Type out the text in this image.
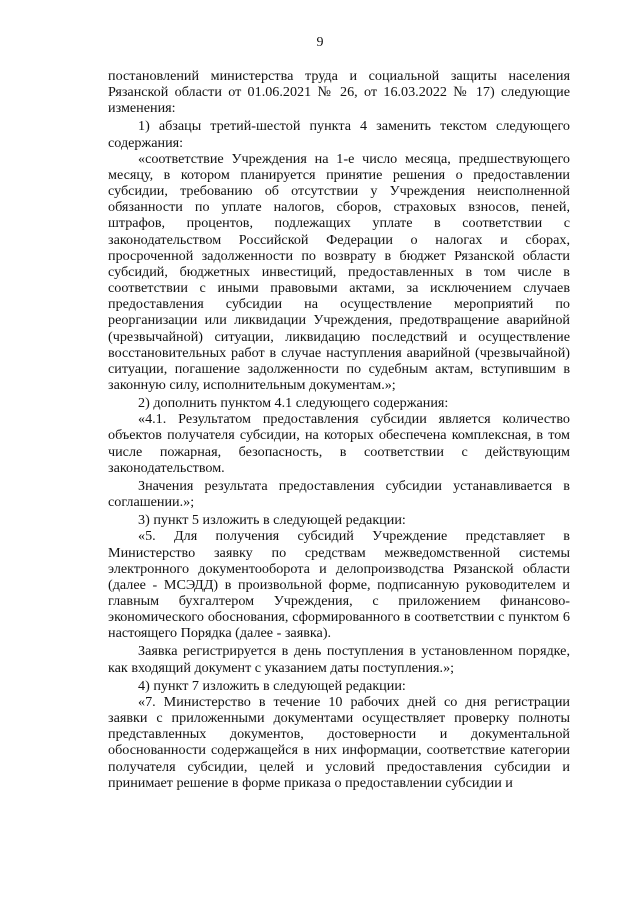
9

постановлений министерства труда и социальной защиты населения Рязанской области от 01.06.2021 № 26, от 16.03.2022 № 17) следующие изменения:

1) абзацы третий-шестой пункта 4 заменить текстом следующего содержания:

«соответствие Учреждения на 1-е число месяца, предшествующего месяцу, в котором планируется принятие решения о предоставлении субсидии, требованию об отсутствии у Учреждения неисполненной обязанности по уплате налогов, сборов, страховых взносов, пеней, штрафов, процентов, подлежащих уплате в соответствии с законодательством Российской Федерации о налогах и сборах, просроченной задолженности по возврату в бюджет Рязанской области субсидий, бюджетных инвестиций, предоставленных в том числе в соответствии с иными правовыми актами, за исключением случаев предоставления субсидии на осуществление мероприятий по реорганизации или ликвидации Учреждения, предотвращение аварийной (чрезвычайной) ситуации, ликвидацию последствий и осуществление восстановительных работ в случае наступления аварийной (чрезвычайной) ситуации, погашение задолженности по судебным актам, вступившим в законную силу, исполнительным документам.»;

2) дополнить пунктом 4.1 следующего содержания:

«4.1. Результатом предоставления субсидии является количество объектов получателя субсидии, на которых обеспечена комплексная, в том числе пожарная, безопасность, в соответствии с действующим законодательством.

Значения результата предоставления субсидии устанавливается в соглашении.»;

3) пункт 5 изложить в следующей редакции:

«5. Для получения субсидий Учреждение представляет в Министерство заявку по средствам межведомственной системы электронного документооборота и делопроизводства Рязанской области (далее - МСЭДД) в произвольной форме, подписанную руководителем и главным бухгалтером Учреждения, с приложением финансово-экономического обоснования, сформированного в соответствии с пунктом 6 настоящего Порядка (далее - заявка).

Заявка регистрируется в день поступления в установленном порядке, как входящий документ с указанием даты поступления.»;

4) пункт 7 изложить в следующей редакции:

«7. Министерство в течение 10 рабочих дней со дня регистрации заявки с приложенными документами осуществляет проверку полноты представленных документов, достоверности и документальной обоснованности содержащейся в них информации, соответствие категории получателя субсидии, целей и условий предоставления субсидии и принимает решение в форме приказа о предоставлении субсидии и
